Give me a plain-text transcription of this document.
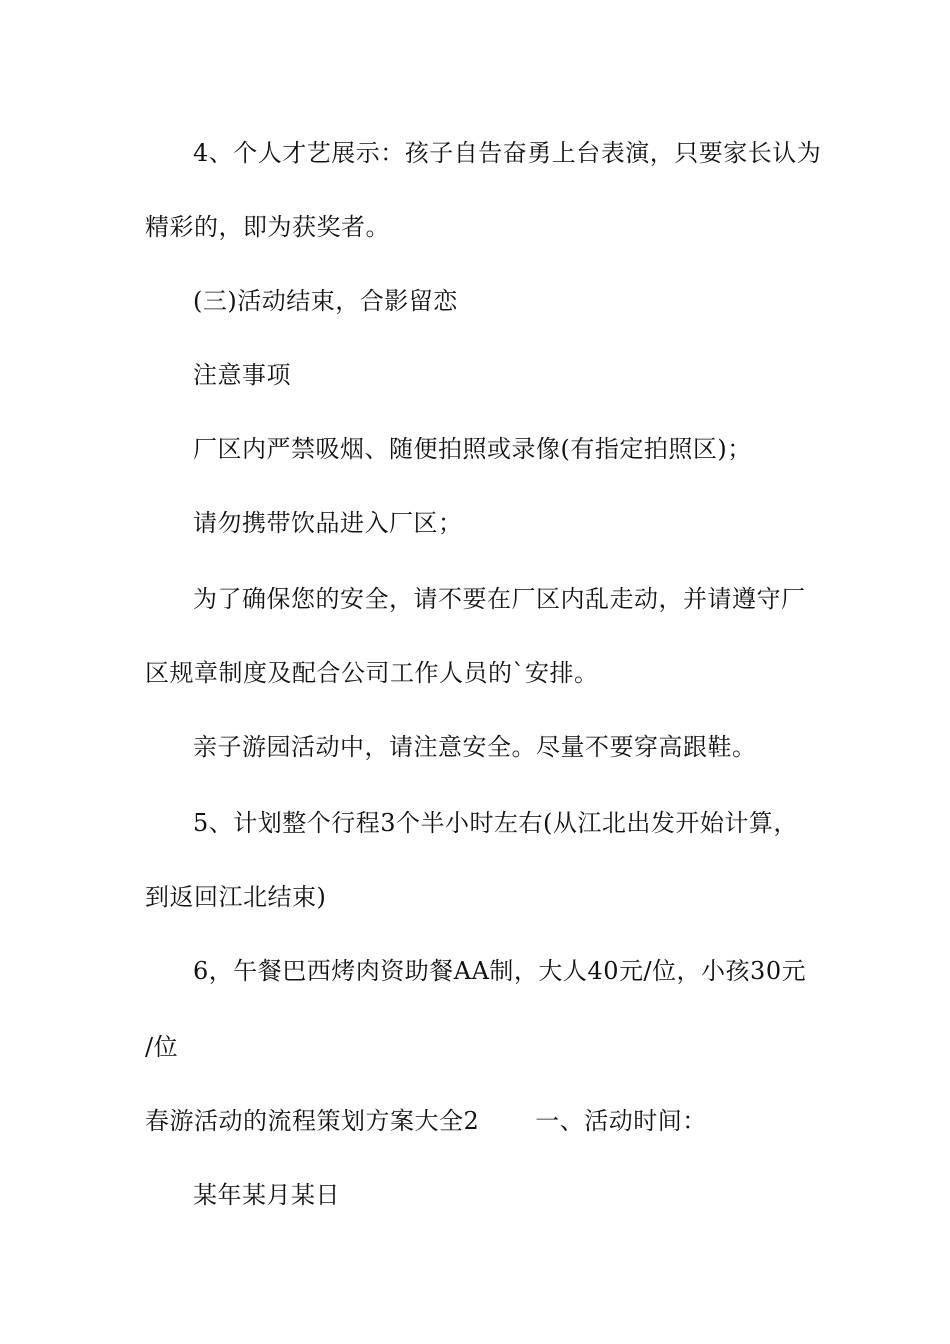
4、个人才艺展示：孩子自告奋勇上台表演，只要家长认为
精彩的，即为获奖者。
(三)活动结束，合影留恋
注意事项
厂区内严禁吸烟、随便拍照或录像(有指定拍照区)；
请勿携带饮品进入厂区；
为了确保您的安全，请不要在厂区内乱走动，并请遵守厂
区规章制度及配合公司工作人员的`安排。
亲子游园活动中，请注意安全。尽量不要穿高跟鞋。
5、计划整个行程3个半小时左右(从江北出发开始计算，
到返回江北结束)
6，午餐巴西烤肉资助餐AA制，大人40元/位，小孩30元
/位
春游活动的流程策划方案大全2 一、活动时间：
某年某月某日
